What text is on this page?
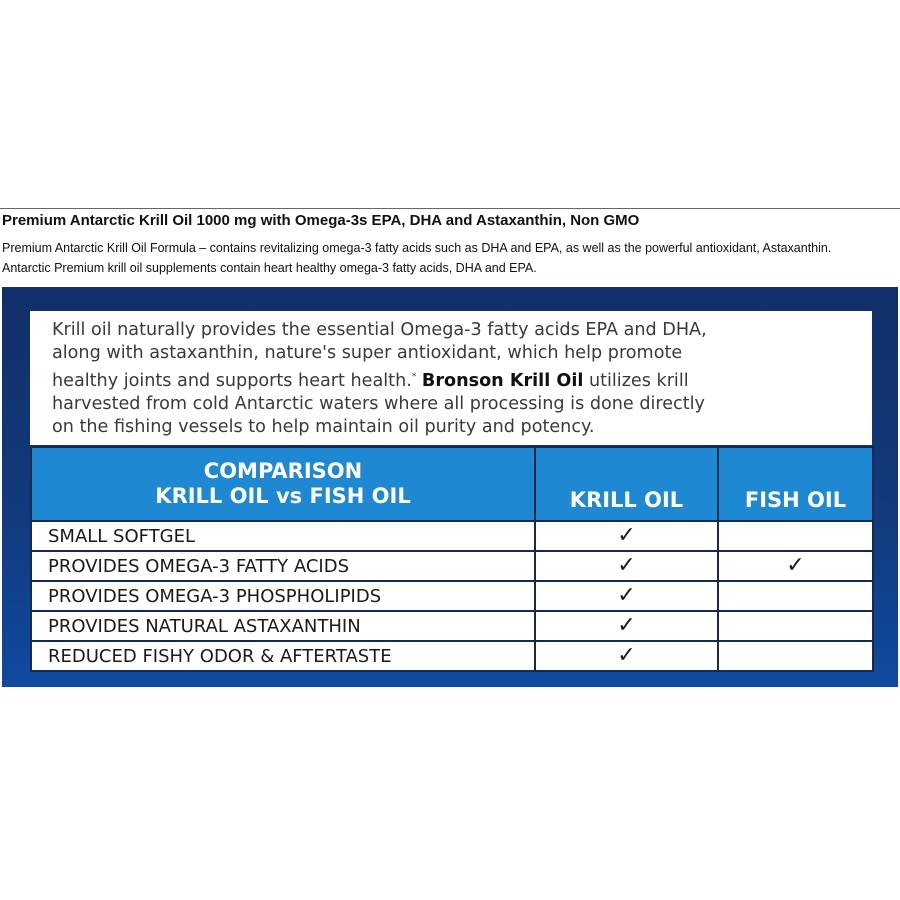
Premium Antarctic Krill Oil 1000 mg with Omega-3s EPA, DHA and Astaxanthin, Non GMO
Premium Antarctic Krill Oil Formula – contains revitalizing omega-3 fatty acids such as DHA and EPA, as well as the powerful antioxidant, Astaxanthin.
Antarctic Premium krill oil supplements contain heart healthy omega-3 fatty acids, DHA and EPA.
Krill oil naturally provides the essential Omega-3 fatty acids EPA and DHA,
along with astaxanthin, nature's super antioxidant, which help promote
healthy joints and supports heart health.* Bronson Krill Oil utilizes krill
harvested from cold Antarctic waters where all processing is done directly
on the fishing vessels to help maintain oil purity and potency.
COMPARISON
KRILL OIL vs FISH OIL	KRILL OIL	FISH OIL
SMALL SOFTGEL	✓	
PROVIDES OMEGA-3 FATTY ACIDS	✓	✓
PROVIDES OMEGA-3 PHOSPHOLIPIDS	✓	
PROVIDES NATURAL ASTAXANTHIN	✓	
REDUCED FISHY ODOR & AFTERTASTE	✓	
